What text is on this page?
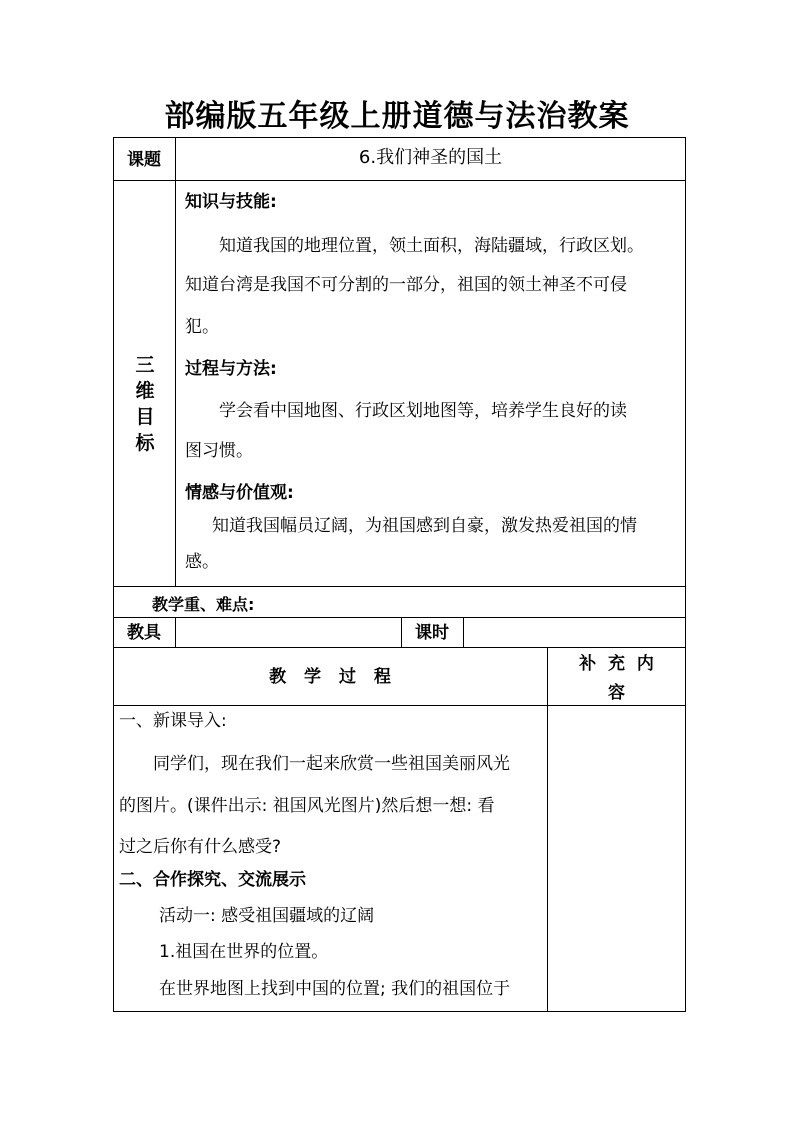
部编版五年级上册道德与法治教案
课题	6.我们神圣的国土
三
维
目
标
知识与技能:
知道我国的地理位置，领土面积，海陆疆域，行政区划。
知道台湾是我国不可分割的一部分，祖国的领土神圣不可侵
犯。
过程与方法:
学会看中国地图、行政区划地图等，培养学生良好的读
图习惯。
情感与价值观:
知道我国幅员辽阔，为祖国感到自豪，激发热爱祖国的情
感。
教学重、难点:
教具	课时
教 学 过 程
补  充  内
容
一、新课导入:
同学们，现在我们一起来欣赏一些祖国美丽风光
的图片。(课件出示: 祖国风光图片)然后想一想: 看
过之后你有什么感受?
二、合作探究、交流展示
活动一: 感受祖国疆域的辽阔
1.祖国在世界的位置。
在世界地图上找到中国的位置; 我们的祖国位于
